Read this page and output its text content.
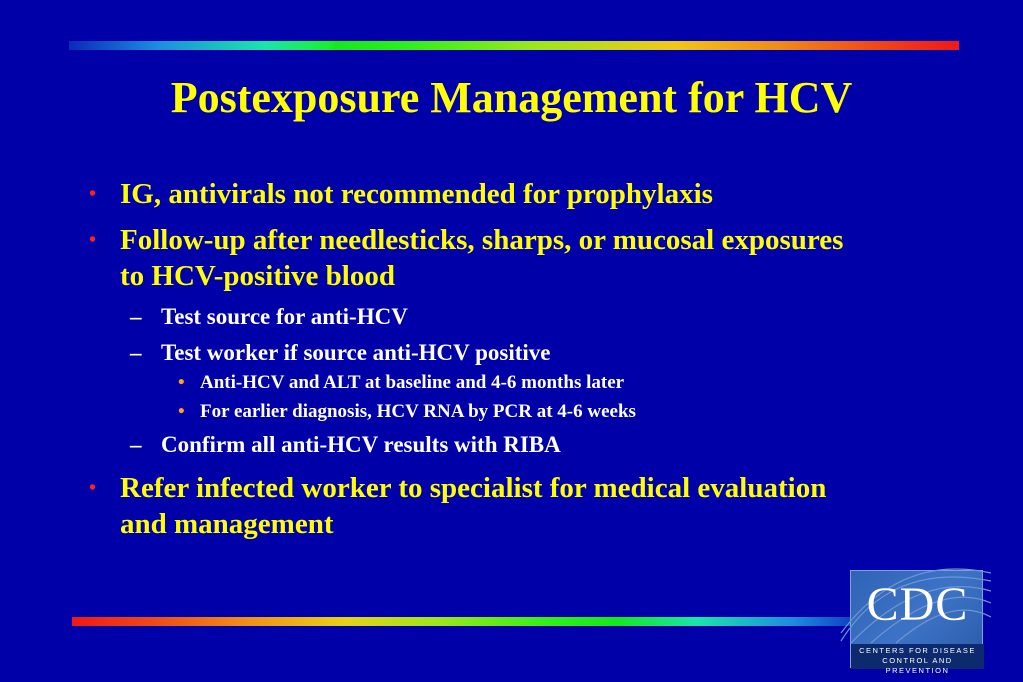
Postexposure Management for HCV
• IG, antivirals not recommended for prophylaxis
• Follow-up after needlesticks, sharps, or mucosal exposures to HCV-positive blood
– Test source for anti-HCV
– Test worker if source anti-HCV positive
• Anti-HCV and ALT at baseline and 4-6 months later
• For earlier diagnosis, HCV RNA by PCR at 4-6 weeks
– Confirm all anti-HCV results with RIBA
• Refer infected worker to specialist for medical evaluation and management
CDC
CENTERS FOR DISEASE
CONTROL AND PREVENTION
